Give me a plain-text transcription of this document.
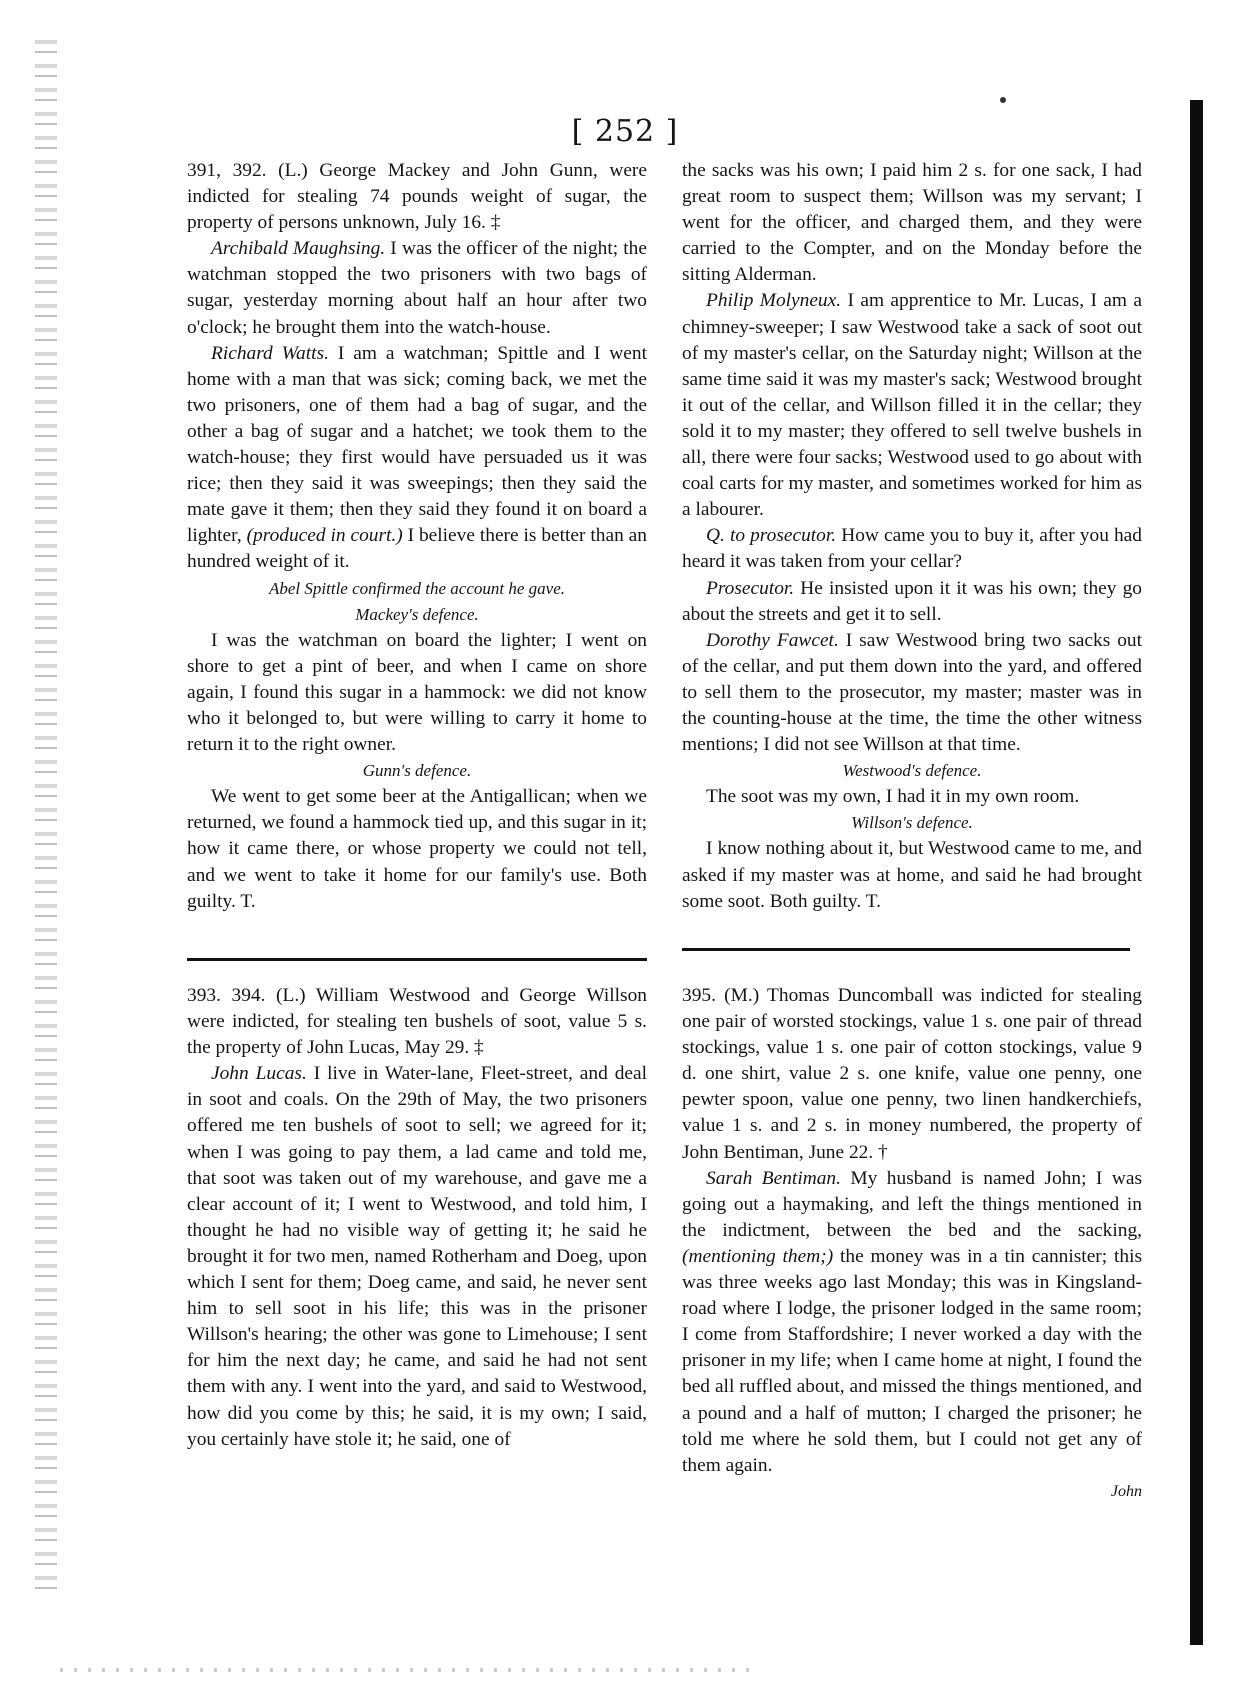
[ 252 ]

391, 392. (L.) George Mackey and John Gunn, were indicted for stealing 74 pounds weight of sugar, the property of persons unknown, July 16. ‡

Archibald Maughsing. I was the officer of the night; the watchman stopped the two prisoners with two bags of sugar, yesterday morning about half an hour after two o'clock; he brought them into the watch-house.

Richard Watts. I am a watchman; Spittle and I went home with a man that was sick; coming back, we met the two prisoners, one of them had a bag of sugar, and the other a bag of sugar and a hatchet; we took them to the watch-house; they first would have persuaded us it was rice; then they said it was sweepings; then they said the mate gave it them; then they said they found it on board a lighter, (produced in court.) I believe there is better than an hundred weight of it.

Abel Spittle confirmed the account he gave.

Mackey's defence.

I was the watchman on board the lighter; I went on shore to get a pint of beer, and when I came on shore again, I found this sugar in a hammock: we did not know who it belonged to, but were willing to carry it home to return it to the right owner.

Gunn's defence.

We went to get some beer at the Antigallican; when we returned, we found a hammock tied up, and this sugar in it; how it came there, or whose property we could not tell, and we went to take it home for our family's use. Both guilty. T.

the sacks was his own; I paid him 2 s. for one sack, I had great room to suspect them; Willson was my servant; I went for the officer, and charged them, and they were carried to the Compter, and on the Monday before the sitting Alderman.

Philip Molyneux. I am apprentice to Mr. Lucas, I am a chimney-sweeper; I saw Westwood take a sack of soot out of my master's cellar, on the Saturday night; Willson at the same time said it was my master's sack; Westwood brought it out of the cellar, and Willson filled it in the cellar; they sold it to my master; they offered to sell twelve bushels in all, there were four sacks; Westwood used to go about with coal carts for my master, and sometimes worked for him as a labourer.

Q. to prosecutor. How came you to buy it, after you had heard it was taken from your cellar?

Prosecutor. He insisted upon it it was his own; they go about the streets and get it to sell.

Dorothy Fawcet. I saw Westwood bring two sacks out of the cellar, and put them down into the yard, and offered to sell them to the prosecutor, my master; master was in the counting-house at the time, the time the other witness mentions; I did not see Willson at that time.

Westwood's defence.

The soot was my own, I had it in my own room.

Willson's defence.

I know nothing about it, but Westwood came to me, and asked if my master was at home, and said he had brought some soot. Both guilty. T.

393. 394. (L.) William Westwood and George Willson were indicted, for stealing ten bushels of soot, value 5 s. the property of John Lucas, May 29. ‡

John Lucas. I live in Water-lane, Fleet-street, and deal in soot and coals. On the 29th of May, the two prisoners offered me ten bushels of soot to sell; we agreed for it; when I was going to pay them, a lad came and told me, that soot was taken out of my warehouse, and gave me a clear account of it; I went to Westwood, and told him, I thought he had no visible way of getting it; he said he brought it for two men, named Rotherham and Doeg, upon which I sent for them; Doeg came, and said, he never sent him to sell soot in his life; this was in the prisoner Willson's hearing; the other was gone to Limehouse; I sent for him the next day; he came, and said he had not sent them with any. I went into the yard, and said to Westwood, how did you come by this; he said, it is my own; I said, you certainly have stole it; he said, one of

395. (M.) Thomas Duncomball was indicted for stealing one pair of worsted stockings, value 1 s. one pair of thread stockings, value 1 s. one pair of cotton stockings, value 9 d. one shirt, value 2 s. one knife, value one penny, one pewter spoon, value one penny, two linen handkerchiefs, value 1 s. and 2 s. in money numbered, the property of John Bentiman, June 22. †

Sarah Bentiman. My husband is named John; I was going out a haymaking, and left the things mentioned in the indictment, between the bed and the sacking, (mentioning them;) the money was in a tin cannister; this was three weeks ago last Monday; this was in Kingsland-road where I lodge, the prisoner lodged in the same room; I come from Staffordshire; I never worked a day with the prisoner in my life; when I came home at night, I found the bed all ruffled about, and missed the things mentioned, and a pound and a half of mutton; I charged the prisoner; he told me where he sold them, but I could not get any of them again.

John
